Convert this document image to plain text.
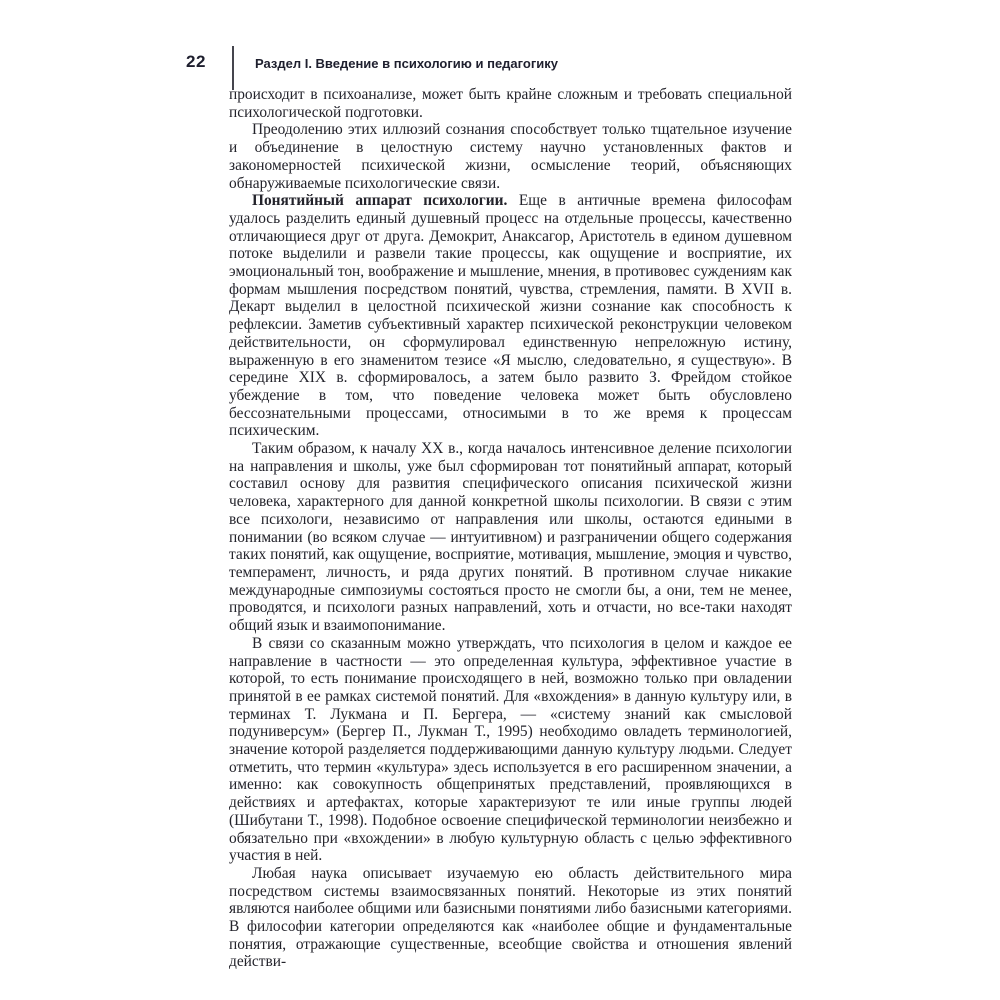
22	Раздел I. Введение в психологию и педагогику

происходит в психоанализе, может быть крайне сложным и требовать специальной психологической подготовки.

Преодолению этих иллюзий сознания способствует только тщательное изучение и объединение в целостную систему научно установленных фактов и закономерностей психической жизни, осмысление теорий, объясняющих обнаруживаемые психологические связи.

Понятийный аппарат психологии. Еще в античные времена философам удалось разделить единый душевный процесс на отдельные процессы, качественно отличающиеся друг от друга. Демокрит, Анаксагор, Аристотель в едином душевном потоке выделили и развели такие процессы, как ощущение и восприятие, их эмоциональный тон, воображение и мышление, мнения, в противовес суждениям как формам мышления посредством понятий, чувства, стремления, памяти. В XVII в. Декарт выделил в целостной психической жизни сознание как способность к рефлексии. Заметив субъективный характер психической реконструкции человеком действительности, он сформулировал единственную непреложную истину, выраженную в его знаменитом тезисе «Я мыслю, следовательно, я существую». В середине XIX в. сформировалось, а затем было развито З. Фрейдом стойкое убеждение в том, что поведение человека может быть обусловлено бессознательными процессами, относимыми в то же время к процессам психическим.

Таким образом, к началу XX в., когда началось интенсивное деление психологии на направления и школы, уже был сформирован тот понятийный аппарат, который составил основу для развития специфического описания психической жизни человека, характерного для данной конкретной школы психологии. В связи с этим все психологи, независимо от направления или школы, остаются едиными в понимании (во всяком случае — интуитивном) и разграничении общего содержания таких понятий, как ощущение, восприятие, мотивация, мышление, эмоция и чувство, темперамент, личность, и ряда других понятий. В противном случае никакие международные симпозиумы состояться просто не смогли бы, а они, тем не менее, проводятся, и психологи разных направлений, хоть и отчасти, но все-таки находят общий язык и взаимопонимание.

В связи со сказанным можно утверждать, что психология в целом и каждое ее направление в частности — это определенная культура, эффективное участие в которой, то есть понимание происходящего в ней, возможно только при овладении принятой в ее рамках системой понятий. Для «вхождения» в данную культуру или, в терминах Т. Лукмана и П. Бергера, — «систему знаний как смысловой подуниверсум» (Бергер П., Лукман Т., 1995) необходимо овладеть терминологией, значение которой разделяется поддерживающими данную культуру людьми. Следует отметить, что термин «культура» здесь используется в его расширенном значении, а именно: как совокупность общепринятых представлений, проявляющихся в действиях и артефактах, которые характеризуют те или иные группы людей (Шибутани Т., 1998). Подобное освоение специфической терминологии неизбежно и обязательно при «вхождении» в любую культурную область с целью эффективного участия в ней.

Любая наука описывает изучаемую ею область действительного мира посредством системы взаимосвязанных понятий. Некоторые из этих понятий являются наиболее общими или базисными понятиями либо базисными категориями. В философии категории определяются как «наиболее общие и фундаментальные понятия, отражающие существенные, всеобщие свойства и отношения явлений действи-
